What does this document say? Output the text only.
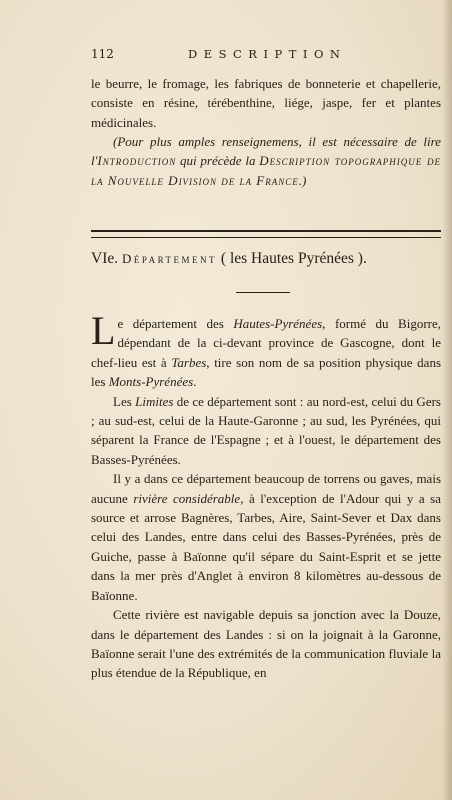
112	DESCRIPTION

le beurre, le fromage, les fabriques de bonneterie et chapellerie, consiste en résine, térébenthine, liége, jaspe, fer et plantes médicinales.

(Pour plus amples renseignemens, il est nécessaire de lire l'Introduction qui précède la Description topographique de la Nouvelle Division de la France.)

VIe. Département ( les Hautes Pyrénées ).

Le département des Hautes-Pyrénées, formé du Bigorre, dépendant de la ci-devant province de Gascogne, dont le chef-lieu est à Tarbes, tire son nom de sa position physique dans les Monts-Pyrénées.

Les Limites de ce département sont : au nord-est, celui du Gers ; au sud-est, celui de la Haute-Garonne ; au sud, les Pyrénées, qui séparent la France de l'Espagne ; et à l'ouest, le département des Basses-Pyrénées.

Il y a dans ce département beaucoup de torrens ou gaves, mais aucune rivière considérable, à l'exception de l'Adour qui y a sa source et arrose Bagnères, Tarbes, Aire, Saint-Sever et Dax dans celui des Landes, entre dans celui des Basses-Pyrénées, près de Guiche, passe à Baïonne qu'il sépare du Saint-Esprit et se jette dans la mer près d'Anglet à environ 8 kilomètres au-dessous de Baïonne.

Cette rivière est navigable depuis sa jonction avec la Douze, dans le département des Landes : si on la joignait à la Garonne, Baïonne serait l'une des extrémités de la communication fluviale la plus étendue de la République, en
